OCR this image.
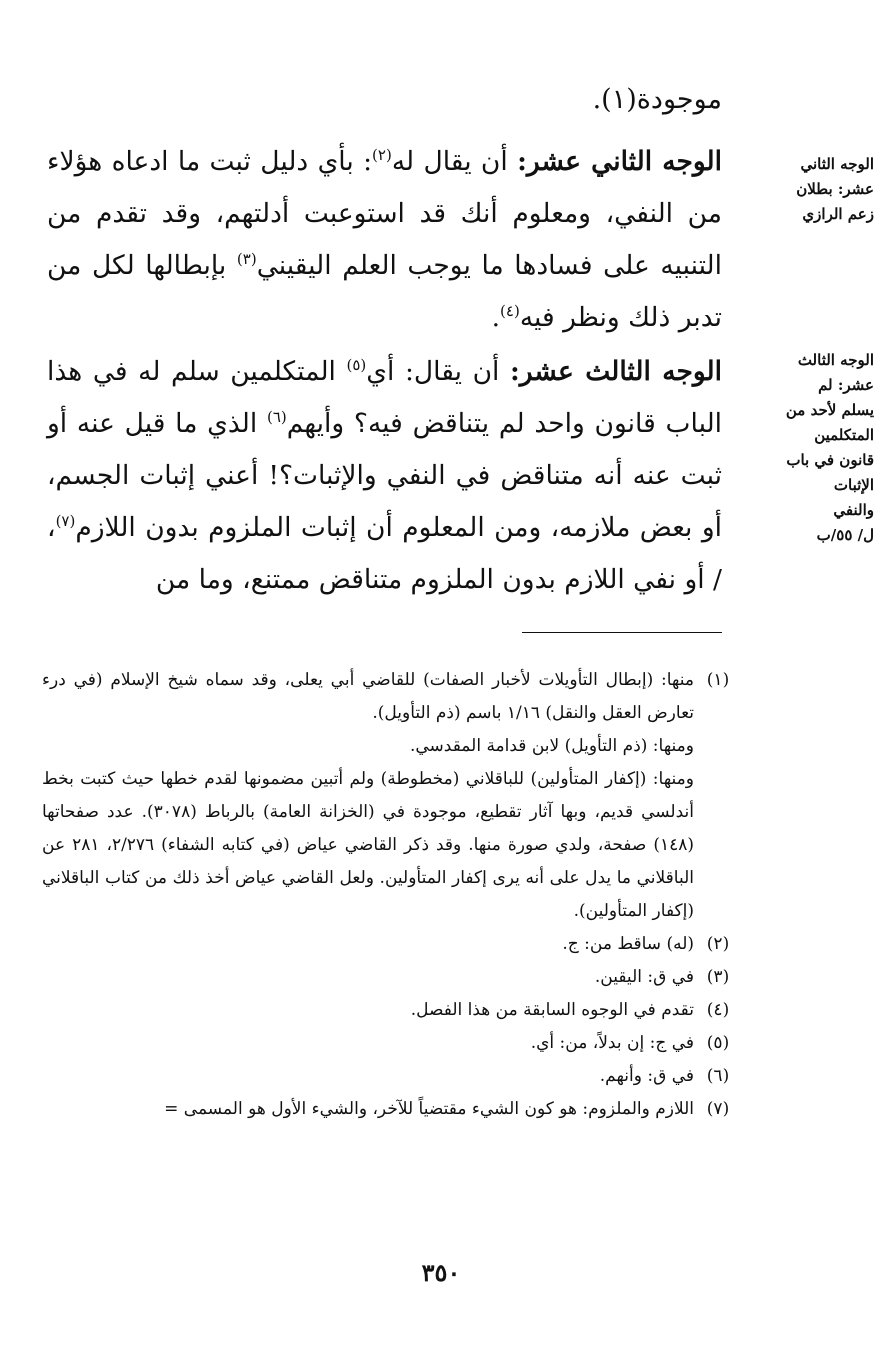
موجودة(١).
الوجه الثاني
عشر: بطلان
زعم الرازي
الوجه الثالث
عشر: لم
يسلم لأحد من
المتكلمين
قانون في باب
الإثبات
والنفي
ل/ ٥٥/ب
الوجه الثاني عشر: أن يقال له$^{(٢)}$: بأي دليل ثبت ما ادعاه هؤلاء من النفي، ومعلوم أنك قد استوعبت أدلتهم، وقد تقدم من التنبيه على فسادها ما يوجب العلم اليقيني$^{(٣)}$ بإبطالها لكل من تدبر ذلك ونظر فيه$^{(٤)}$.
الوجه الثالث عشر: أن يقال: أي$^{(٥)}$ المتكلمين سلم له في هذا الباب قانون واحد لم يتناقض فيه؟ وأيهم$^{(٦)}$ الذي ما قيل عنه أو ثبت عنه أنه متناقض في النفي والإثبات؟! أعني إثبات الجسم، أو بعض ملازمه، ومن المعلوم أن إثبات الملزوم بدون اللازم$^{(٧)}$، / أو نفي اللازم بدون الملزوم متناقض ممتنع، وما من
(١)
منها: (إبطال التأويلات لأخبار الصفات) للقاضي أبي يعلى، وقد سماه شيخ الإسلام (في درء تعارض العقل والنقل) ١/١٦ باسم (ذم التأويل).
ومنها: (ذم التأويل) لابن قدامة المقدسي.
ومنها: (إكفار المتأولين) للباقلاني (مخطوطة) ولم أتبين مضمونها لقدم خطها حيث كتبت بخط أندلسي قديم، وبها آثار تقطيع، موجودة في (الخزانة العامة) بالرباط (٣٠٧٨). عدد صفحاتها (١٤٨) صفحة، ولدي صورة منها. وقد ذكر القاضي عياض (في كتابه الشفاء) ٢/٢٧٦، ٢٨١ عن الباقلاني ما يدل على أنه يرى إكفار المتأولين. ولعل القاضي عياض أخذ ذلك من كتاب الباقلاني (إكفار المتأولين).
(٢)
(له) ساقط من: ج.
(٣)
في ق: اليقين.
(٤)
تقدم في الوجوه السابقة من هذا الفصل.
(٥)
في ج: إن بدلاً، من: أي.
(٦)
في ق: وأنهم.
(٧)
اللازم والملزوم: هو كون الشيء مقتضياً للآخر، والشيء الأول هو المسمى =
٣٥٠
